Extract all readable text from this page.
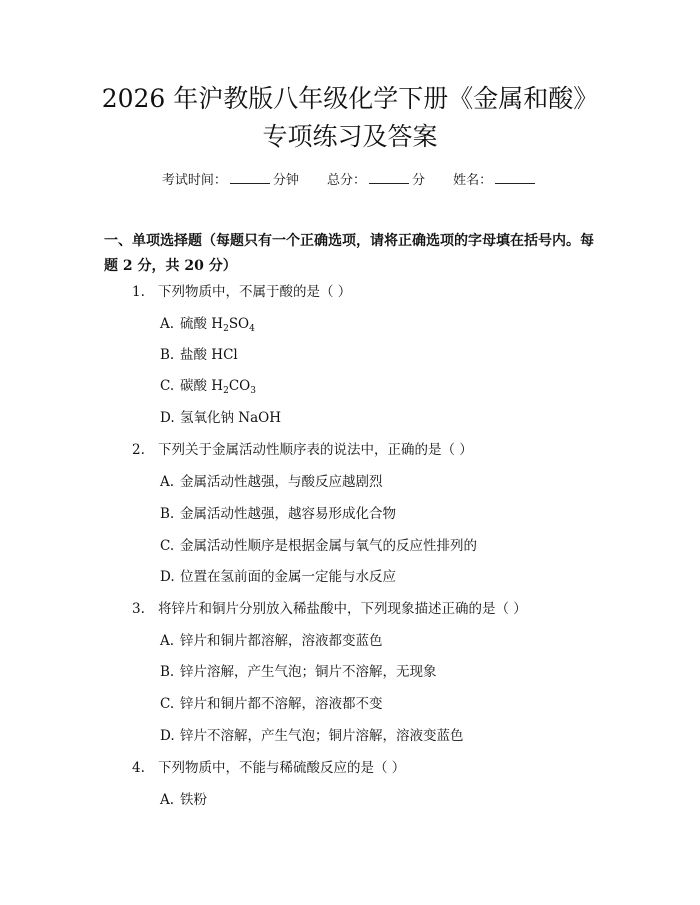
2026 年沪教版八年级化学下册《金属和酸》
专项练习及答案
考试时间：	分钟 总分：	分 姓名：
一、单项选择题（每题只有一个正确选项，请将正确选项的字母填在括号内。每
题 2 分，共 20 分）
1. 下列物质中，不属于酸的是（ ）
A. 硫酸 $H_2SO_4$
B. 盐酸 HCl
C. 碳酸 $H_2CO_3$
D. 氢氧化钠 NaOH
2. 下列关于金属活动性顺序表的说法中，正确的是（ ）
A. 金属活动性越强，与酸反应越剧烈
B. 金属活动性越强，越容易形成化合物
C. 金属活动性顺序是根据金属与氧气的反应性排列的
D. 位置在氢前面的金属一定能与水反应
3. 将锌片和铜片分别放入稀盐酸中，下列现象描述正确的是（ ）
A. 锌片和铜片都溶解，溶液都变蓝色
B. 锌片溶解，产生气泡；铜片不溶解，无现象
C. 锌片和铜片都不溶解，溶液都不变
D. 锌片不溶解，产生气泡；铜片溶解，溶液变蓝色
4. 下列物质中，不能与稀硫酸反应的是（ ）
A. 铁粉
